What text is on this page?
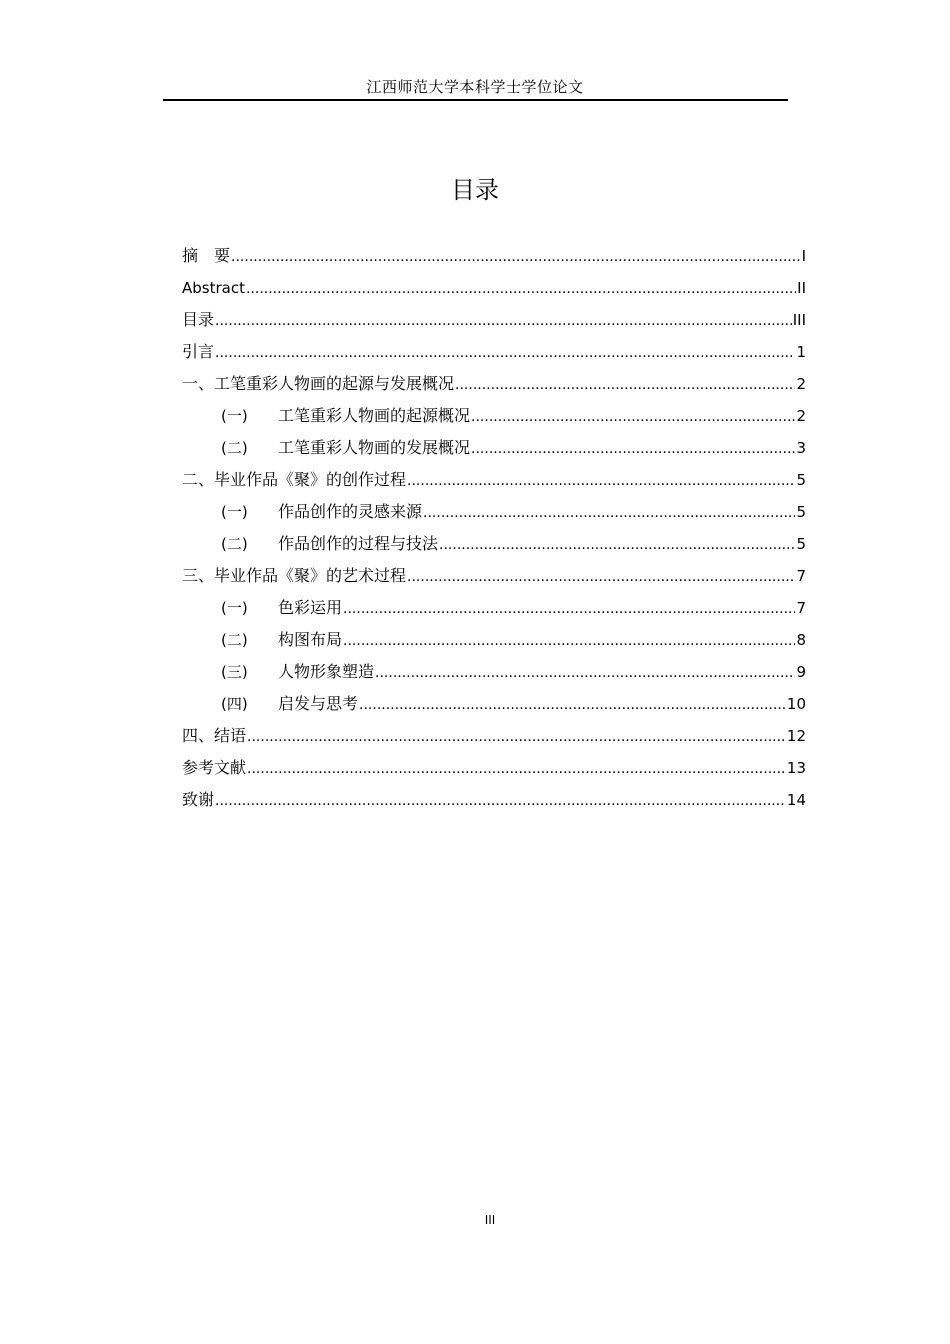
江西师范大学本科学士学位论文
目录
摘　要 .....	I
Abstract .....	II
目录 .....	III
引言 .....	1
一、工笔重彩人物画的起源与发展概况 .....	2
(一)	工笔重彩人物画的起源概况 .....	2
(二)	工笔重彩人物画的发展概况 .....	3
二、毕业作品《聚》的创作过程 .....	5
(一)	作品创作的灵感来源 .....	5
(二)	作品创作的过程与技法 .....	5
三、毕业作品《聚》的艺术过程 .....	7
(一)	色彩运用 .....	7
(二)	构图布局 .....	8
(三)	人物形象塑造 .....	9
(四)	启发与思考 .....	10
四、结语 .....	12
参考文献 .....	13
致谢 .....	14
III
